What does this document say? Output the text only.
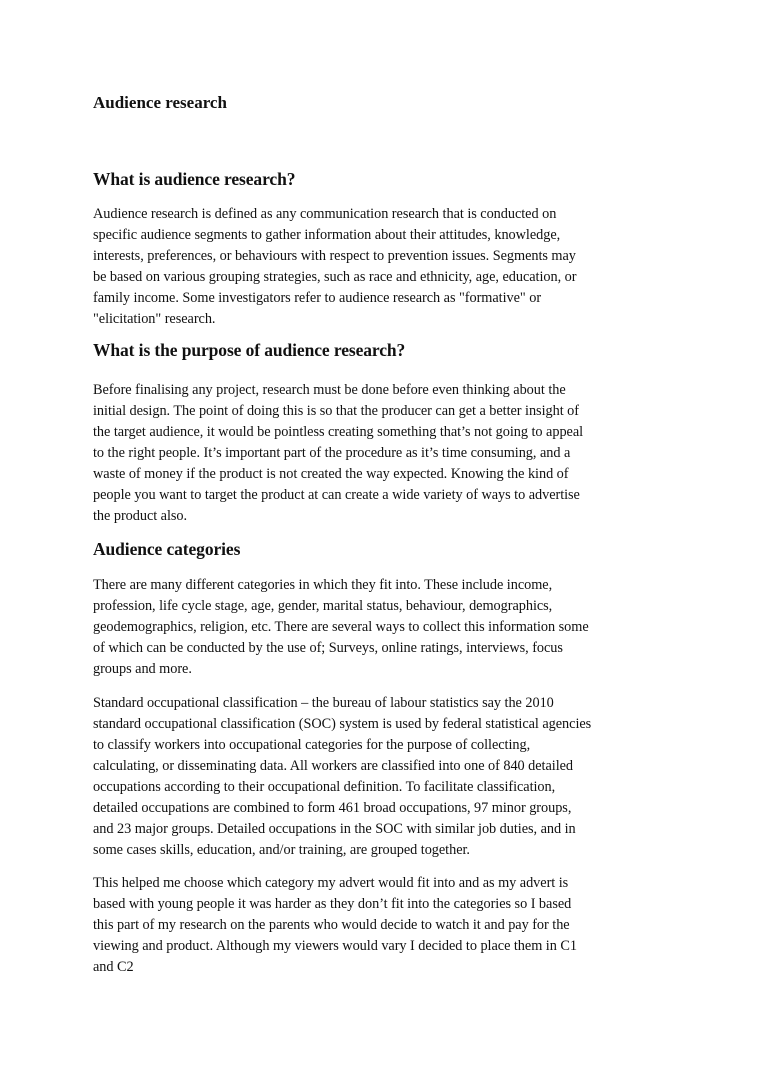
Audience research
What is audience research?

Audience research is defined as any communication research that is conducted on
specific audience segments to gather information about their attitudes, knowledge,
interests, preferences, or behaviours with respect to prevention issues. Segments may
be based on various grouping strategies, such as race and ethnicity, age, education, or
family income. Some investigators refer to audience research as "formative" or
"elicitation" research.

What is the purpose of audience research?

Before finalising any project, research must be done before even thinking about the
initial design. The point of doing this is so that the producer can get a better insight of
the target audience, it would be pointless creating something that’s not going to appeal
to the right people. It’s important part of the procedure as it’s time consuming, and a
waste of money if the product is not created the way expected. Knowing the kind of
people you want to target the product at can create a wide variety of ways to advertise
the product also.

Audience categories

There are many different categories in which they fit into. These include income,
profession, life cycle stage, age, gender, marital status, behaviour, demographics,
geodemographics, religion, etc. There are several ways to collect this information some
of which can be conducted by the use of; Surveys, online ratings, interviews, focus
groups and more.

Standard occupational classification – the bureau of labour statistics say the 2010
standard occupational classification (SOC) system is used by federal statistical agencies
to classify workers into occupational categories for the purpose of collecting,
calculating, or disseminating data. All workers are classified into one of 840 detailed
occupations according to their occupational definition. To facilitate classification,
detailed occupations are combined to form 461 broad occupations, 97 minor groups,
and 23 major groups. Detailed occupations in the SOC with similar job duties, and in
some cases skills, education, and/or training, are grouped together.

This helped me choose which category my advert would fit into and as my advert is
based with young people it was harder as they don’t fit into the categories so I based
this part of my research on the parents who would decide to watch it and pay for the
viewing and product. Although my viewers would vary I decided to place them in C1
and C2
